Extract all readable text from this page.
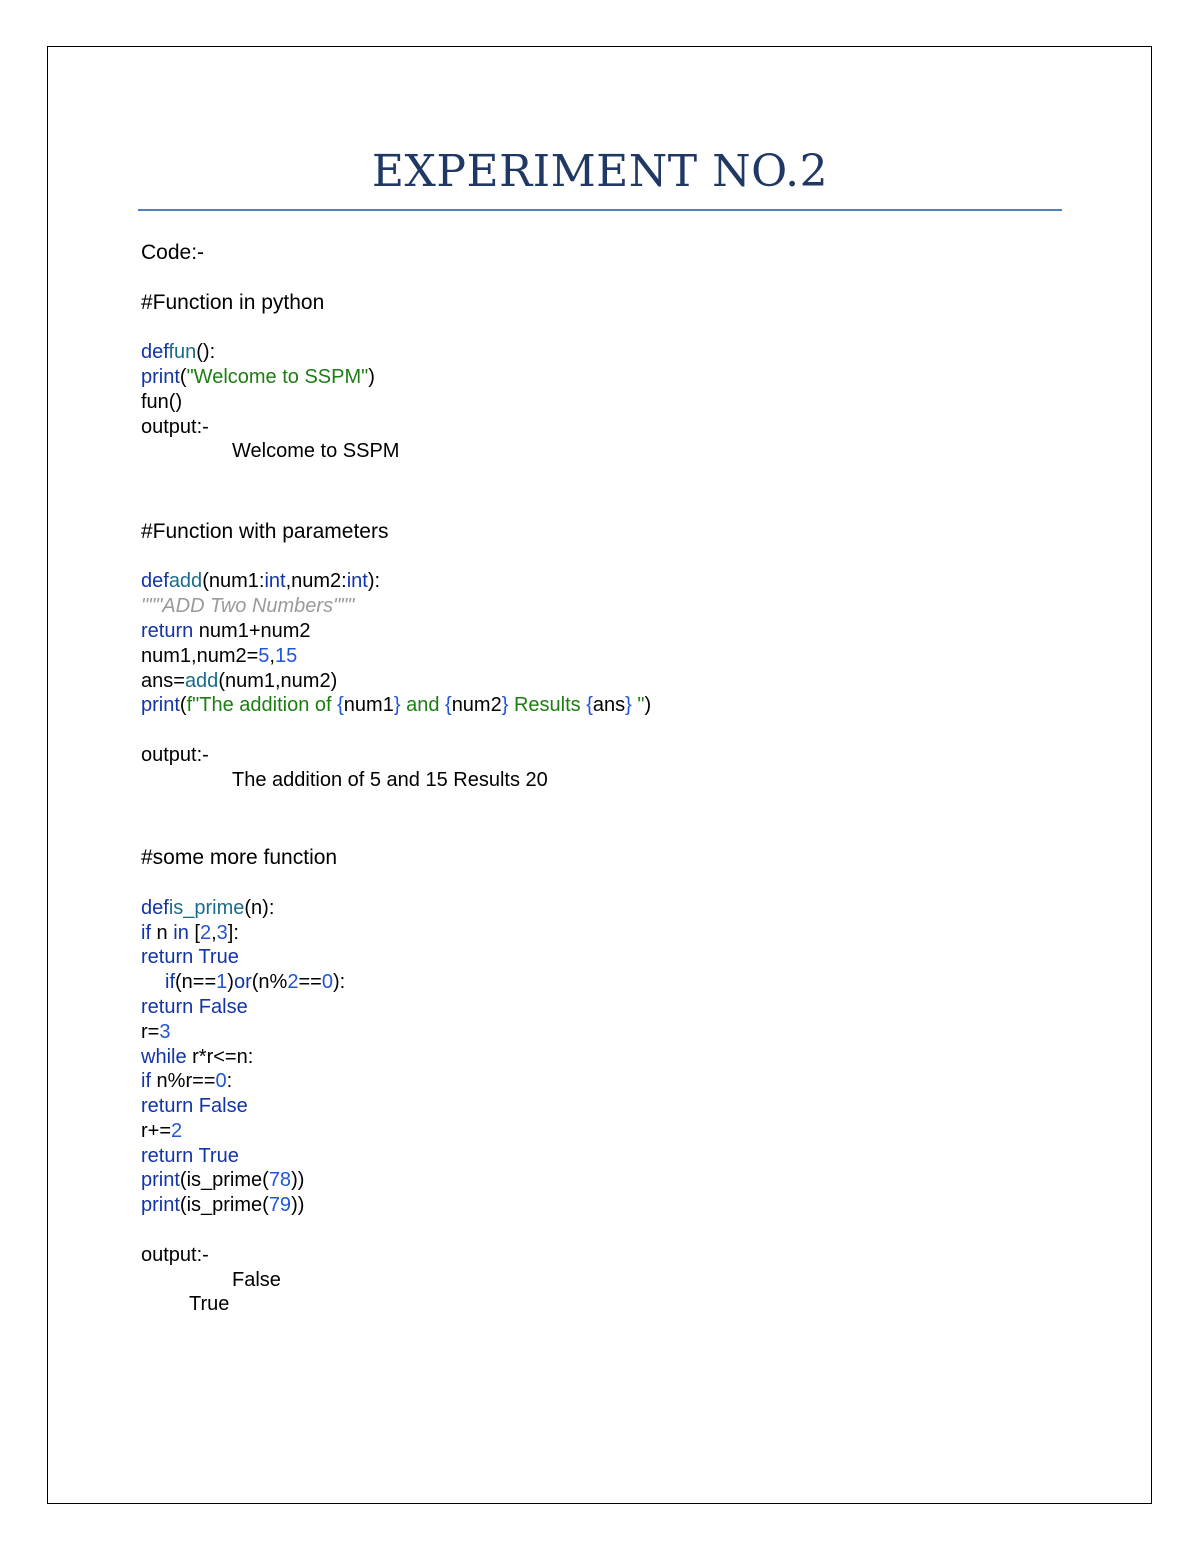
EXPERIMENT NO.2
Code:-
#Function in python
deffun():
print("Welcome to SSPM")
fun()
output:-
Welcome to SSPM
#Function with parameters
defadd(num1:int,num2:int):
"""ADD Two Numbers"""
return num1+num2
num1,num2=5,15
ans=add(num1,num2)
print(f"The addition of {num1} and {num2} Results {ans} ")
output:-
The addition of 5 and 15 Results 20
#some more function
defis_prime(n):
if n in [2,3]:
return True
if(n==1)or(n%2==0):
return False
r=3
while r*r<=n:
if n%r==0:
return False
r+=2
return True
print(is_prime(78))
print(is_prime(79))
output:-
False
True
